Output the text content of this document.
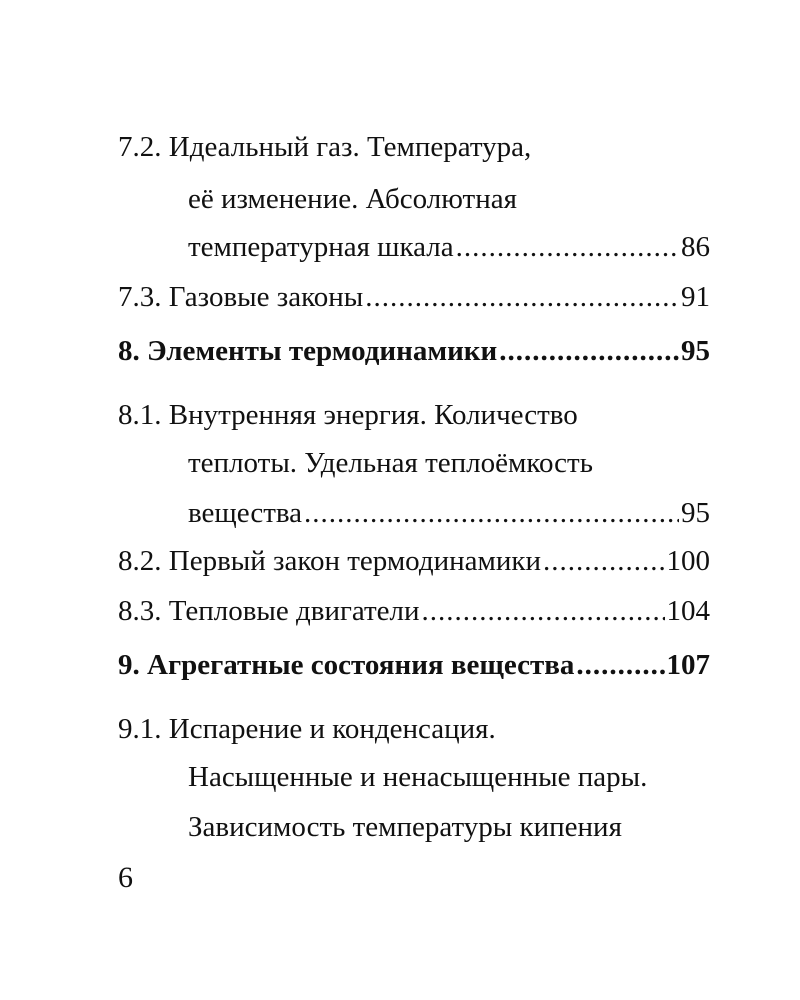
7.2. Идеальный газ. Температура,
её изменение. Абсолютная
температурная шкала .....	86
7.3. Газовые законы .....	91
8. Элементы термодинамики .....	95
8.1. Внутренняя энергия. Количество
теплоты. Удельная теплоёмкость
вещества .....	95
8.2. Первый закон термодинамики .....	100
8.3. Тепловые двигатели .....	104
9. Агрегатные состояния вещества .....	107
9.1. Испарение и конденсация.
Насыщенные и ненасыщенные пары.
Зависимость температуры кипения
6
